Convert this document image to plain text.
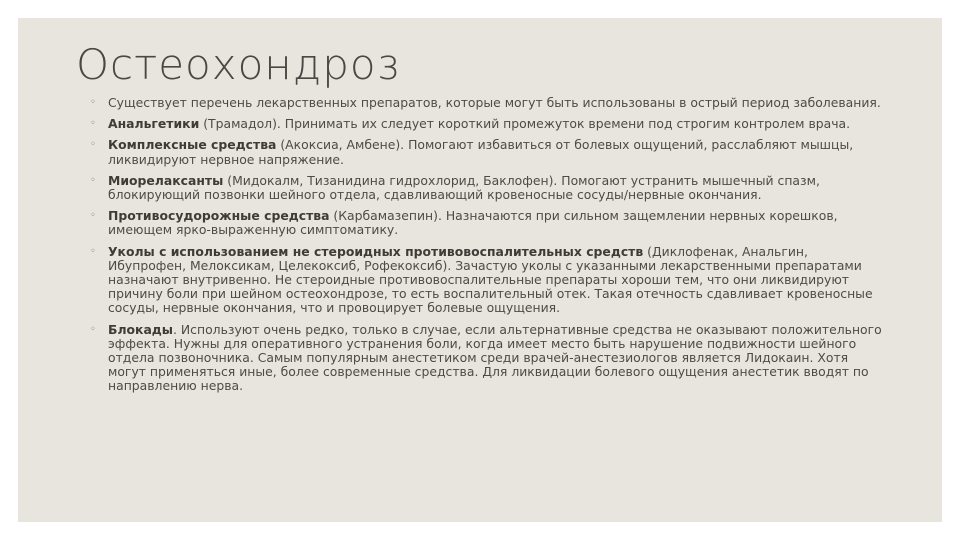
Остеохондроз
◦ Существует перечень лекарственных препаратов, которые могут быть использованы в острый период заболевания.
◦ Анальгетики (Трамадол). Принимать их следует короткий промежуток времени под строгим контролем врача.
◦ Комплексные средства (Акоксиа, Амбене). Помогают избавиться от болевых ощущений, расслабляют мышцы, ликвидируют нервное напряжение.
◦ Миорелаксанты (Мидокалм, Тизанидина гидрохлорид, Баклофен). Помогают устранить мышечный спазм, блокирующий позвонки шейного отдела, сдавливающий кровеносные сосуды/нервные окончания.
◦ Противосудорожные средства (Карбамазепин). Назначаются при сильном защемлении нервных корешков, имеющем ярко-выраженную симптоматику.
◦ Уколы с использованием не стероидных противовоспалительных средств (Диклофенак, Анальгин, Ибупрофен, Мелоксикам, Целекоксиб, Рофекоксиб). Зачастую уколы с указанными лекарственными препаратами назначают внутривенно. Не стероидные противовоспалительные препараты хороши тем, что они ликвидируют причину боли при шейном остеохондрозе, то есть воспалительный отек. Такая отечность сдавливает кровеносные сосуды, нервные окончания, что и провоцирует болевые ощущения.
◦ Блокады. Используют очень редко, только в случае, если альтернативные средства не оказывают положительного эффекта. Нужны для оперативного устранения боли, когда имеет место быть нарушение подвижности шейного отдела позвоночника. Самым популярным анестетиком среди врачей-анестезиологов является Лидокаин. Хотя могут применяться иные, более современные средства. Для ликвидации болевого ощущения анестетик вводят по направлению нерва.
